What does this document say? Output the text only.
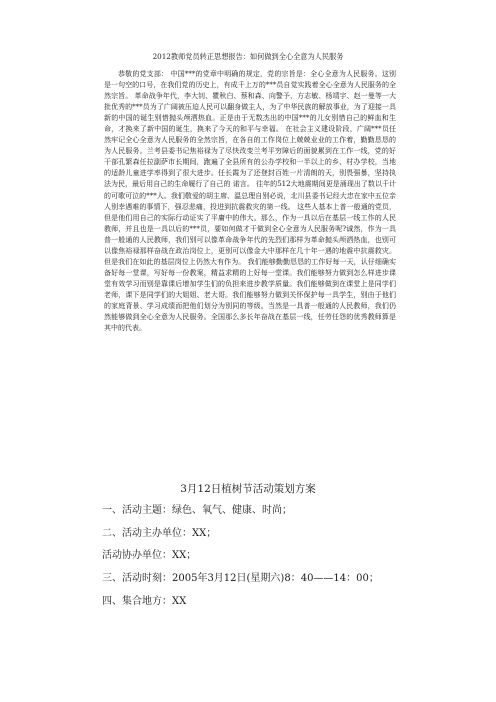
2012教师党员转正思想报告：如何做到全心全意为人民服务

恭敬的党支部： 中国***的党章中明确的规定，党的宗旨是：全心全意为人民服务。这别是一句空的口号，在我们党的历史上，有成千上万的***员自觉实践着全心全意为人民服务的全然宗旨。 革命战争年代，李大钊、瞿秋白、蔡和森、向警予、方志敏、杨靖宇、赵一曼等一大批优秀的***员为了广阔被压迫人民可以翻身做主人，为了中华民族的解放事业，为了迎接一具新的中国的诞生别惜抛头颅洒热血。正是由于无数杰出的中国***的儿女别惜自己的鲜血和生命，才换来了新中国的诞生，换来了今天的和平与幸福。 在社会主义建设阶段，广阔***员任然牢记全心全意为人民服务的全然宗旨，在各自的工作岗位上兢兢业业的工作着，勤勤恳恳的为人民服务。兰考县委书记焦裕禄为了尽快改变兰考平穷障后的面貌累到在工作一线，党的好干部孔繁森任拉副萨市长期间，跑遍了全县所有的公办学校和一半以上的乡、村办学校，当地的适龄儿童进学率得到了很大进步。任长霞为了还登封百姓一片清朗的天，别畏强暴，坚持执法为民，最后用自己的生命履行了自己的 诺言。 往年的512大地震期间更是涌现出了数以千计的可歌可泣的***人。我们敬爱的胡主席、温总理自别必说，北川县委书记经大忠在家中五位亲人别幸遇难的事情下，强忍悲痛，投进到抗震救灾的第一线。 这些人基本上普一般通的党员，但是他们用自己的实际行动证实了平庸中的伟大。那么，作为一具以后在基层一线工作的人民教师，并且也是一具以后的***员，要如何做才干做到全心全意为人民服务呢?诚然，作为一具普一般通的人民教师，我们别可以像革命战争年代的先烈们那样为革命抛头颅洒热血，也别可以像焦裕禄那样奋战在政治岗位上，更别可以像金大中那样在几十年一遇的地震中抗震救灾。但是我们在如此的基层岗位上仍然大有作为。 我们能够勤勤恳恳的工作好每一天，认仔细确实备好每一堂课，写好每一份教案，精益求精的上好每一堂课。我们能够努力做到怎么样进步课堂有效学习而别是靠课后增加学生们的负担来进步教学质量。我们能够做到在课堂上是同学们老师，课下是同学们的大姐姐、老大哥。我们能够努力做到关怀保护每一具学生，别由于他们的家庭背景、学习成绩而把他们划分为别同的等级。当然是一具普一般通的人民教师，我们仍然能够做到全心全意为人民服务。全国那么多长年奋战在基层一线，任劳任怨的优秀教师算是其中的代表。

3月12日植树节活动策划方案
一、活动主题：绿色、氧气、健康、时尚；
二、活动主办单位：XX；
活动协办单位：XX；
三、活动时刻：2005年3月12日(星期六)8：40——14：00；
四、集合地方：XX
